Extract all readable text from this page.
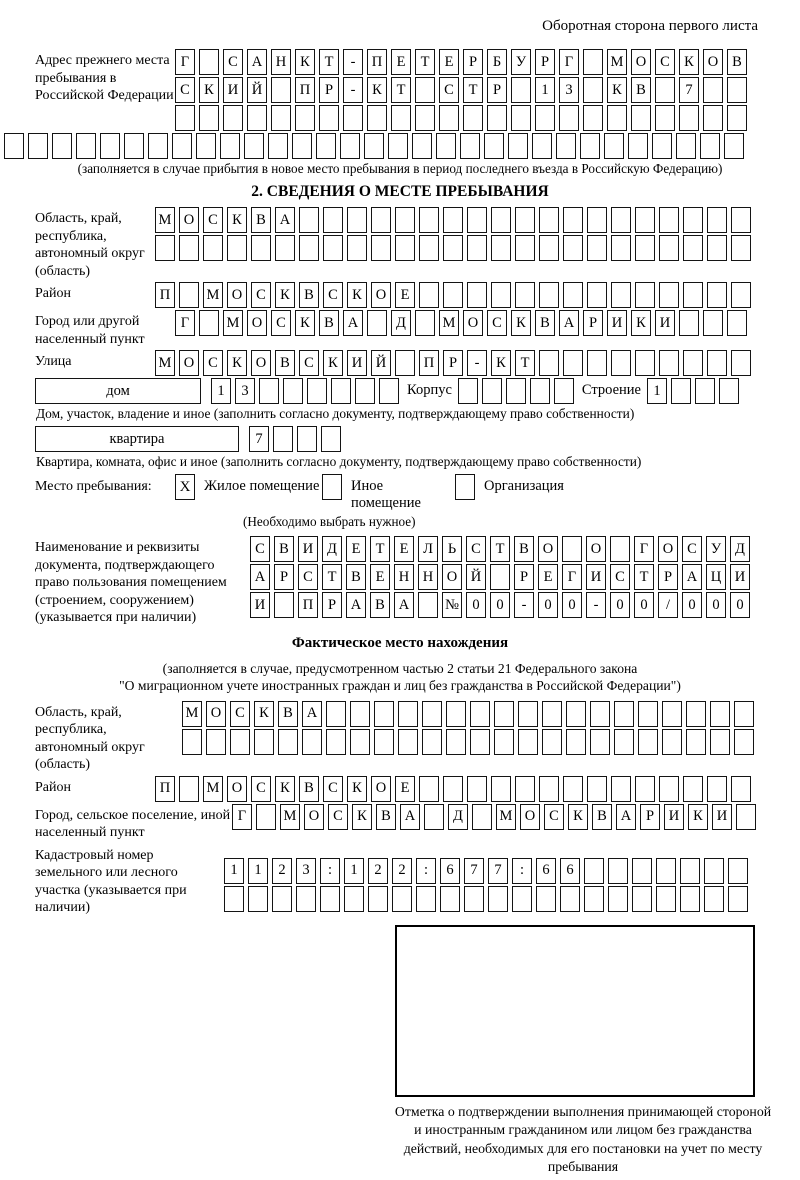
Оборотная сторона первого листа
Адрес прежнего места пребывания в Российской Федерации
Г	С А Н К	Т	-	П Е	Т	Е	Р	Б	У	Р	Г	М О С К О В
С К И Й	П	Р	-	К	Т	С	Т	Р	1	3	К В	7
(заполняется в случае прибытия в новое место пребывания в период последнего въезда в Российскую Федерацию)
2. СВЕДЕНИЯ О МЕСТЕ ПРЕБЫВАНИЯ
Область, край, республика, автономный округ (область)
М О С К В А
Район	П	М О С К В С К О Е
Город или другой населенный пункт
Г	М О С К В А	Д	М О С К В А	Р	И К И
Улица	М О С К О В С К И Й	П	Р	-	К	Т
дом	1	3	Корпус	Строение 1
Дом, участок, владение и иное (заполнить согласно документу, подтверждающему право собственности)
квартира	7
Квартира, комната, офис и иное (заполнить согласно документу, подтверждающему право собственности)
Место пребывания:	X Жилое помещение	Иное помещение
Организация
(Необходимо выбрать нужное)
Наименование и реквизиты документа, подтверждающего право пользования помещением (строением, сооружением) (указывается при наличии)
С В И Д	Е	Т	Е	Л	Ь	С	Т	В О	О	Г	О С У Д
А	Р	С	Т	В	Е Н Н О Й	Р	Е	Г	И С	Т	Р	А Ц И
И	П	Р	А В А	№ 0	0	-	0	0	-	0	0	/	0	0	0
Фактическое место нахождения
(заполняется в случае, предусмотренном частью 2 статьи 21 Федерального закона
"О миграционном учете иностранных граждан и лиц без гражданства в Российской Федерации")
Область, край, республика, автономный округ (область)
М О С К В А
Район	П	М О С К В С К О Е
Город, сельское поселение, иной населенный пункт
Г	М О С К В А	Д	М О С К В А	Р	И К И
Кадастровый номер земельного или лесного участка (указывается при наличии)
1	1	2	3	:	1	2	2	:	6	7	7	:	6	6
Отметка о подтверждении выполнения принимающей стороной и иностранным гражданином или лицом без гражданства действий, необходимых для его постановки на учет по месту пребывания
